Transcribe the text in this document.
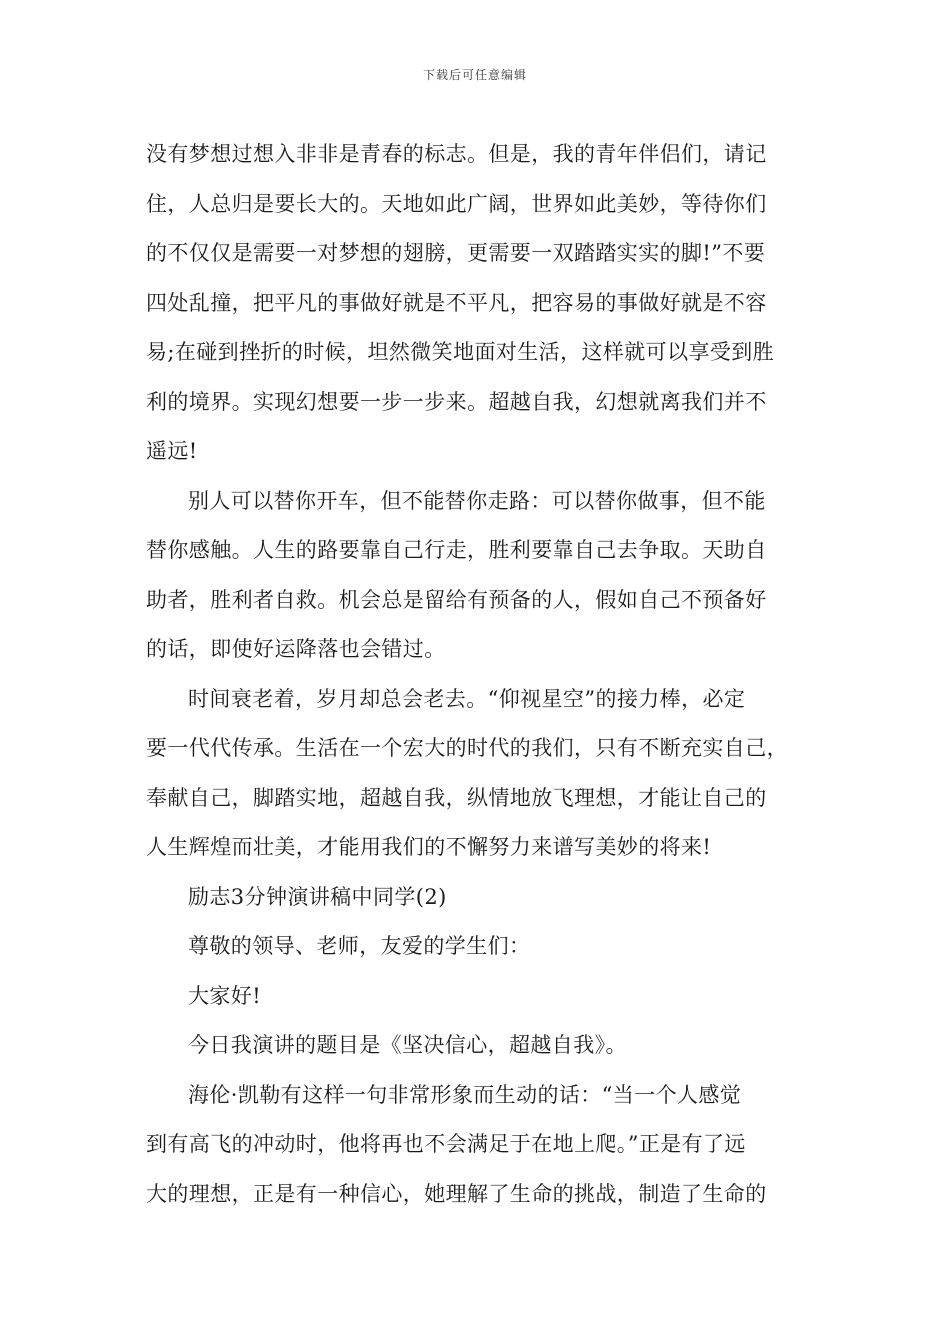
下载后可任意编辑
没有梦想过想入非非是青春的标志。但是，我的青年伴侣们，请记
住，人总归是要长大的。天地如此广阔，世界如此美妙，等待你们
的不仅仅是需要一对梦想的翅膀，更需要一双踏踏实实的脚!”不要
四处乱撞，把平凡的事做好就是不平凡，把容易的事做好就是不容
易;在碰到挫折的时候，坦然微笑地面对生活，这样就可以享受到胜
利的境界。实现幻想要一步一步来。超越自我，幻想就离我们并不
遥远!
别人可以替你开车，但不能替你走路：可以替你做事，但不能
替你感触。人生的路要靠自己行走，胜利要靠自己去争取。天助自
助者，胜利者自救。机会总是留给有预备的人，假如自己不预备好
的话，即使好运降落也会错过。
时间衰老着，岁月却总会老去。“仰视星空”的接力棒，必定
要一代代传承。生活在一个宏大的时代的我们，只有不断充实自己，
奉献自己，脚踏实地，超越自我，纵情地放飞理想，才能让自己的
人生辉煌而壮美，才能用我们的不懈努力来谱写美妙的将来!
励志3分钟演讲稿中同学(2)
尊敬的领导、老师，友爱的学生们：
大家好!
今日我演讲的题目是《坚决信心，超越自我》。
海伦·凯勒有这样一句非常形象而生动的话：“当一个人感觉
到有高飞的冲动时，他将再也不会满足于在地上爬。”正是有了远
大的理想，正是有一种信心，她理解了生命的挑战，制造了生命的
